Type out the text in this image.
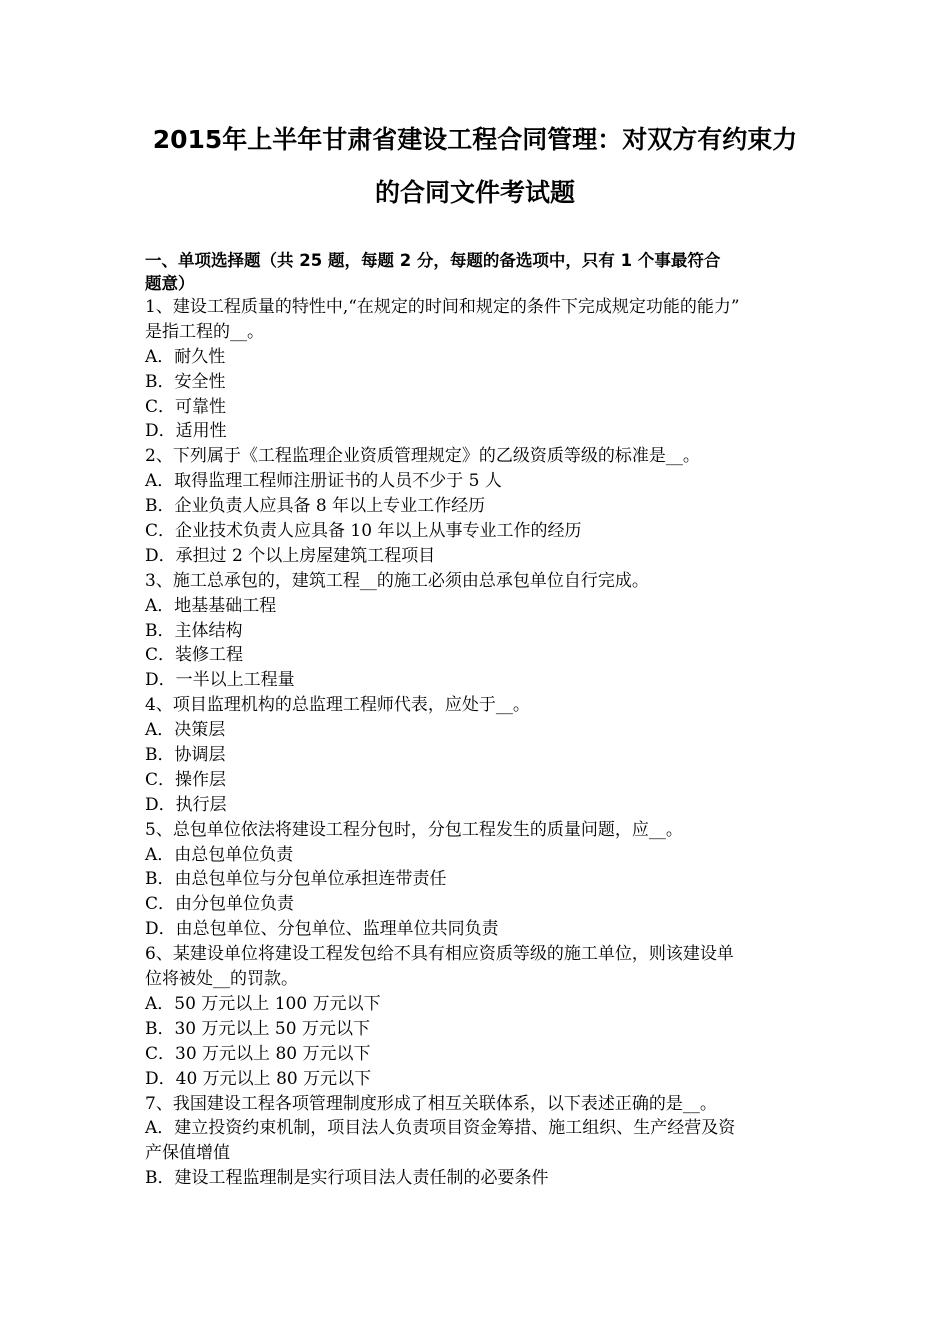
2015年上半年甘肃省建设工程合同管理：对双方有约束力
的合同文件考试题
一、单项选择题（共 25 题，每题 2 分，每题的备选项中，只有 1 个事最符合
题意）
1、建设工程质量的特性中,“在规定的时间和规定的条件下完成规定功能的能力”
是指工程的__。
A．耐久性
B．安全性
C．可靠性
D．适用性
2、下列属于《工程监理企业资质管理规定》的乙级资质等级的标准是__。
A．取得监理工程师注册证书的人员不少于 5 人
B．企业负责人应具备 8 年以上专业工作经历
C．企业技术负责人应具备 10 年以上从事专业工作的经历
D．承担过 2 个以上房屋建筑工程项目
3、施工总承包的，建筑工程__的施工必须由总承包单位自行完成。
A．地基基础工程
B．主体结构
C．装修工程
D．一半以上工程量
4、项目监理机构的总监理工程师代表，应处于__。
A．决策层
B．协调层
C．操作层
D．执行层
5、总包单位依法将建设工程分包时，分包工程发生的质量问题，应__。
A．由总包单位负责
B．由总包单位与分包单位承担连带责任
C．由分包单位负责
D．由总包单位、分包单位、监理单位共同负责
6、某建设单位将建设工程发包给不具有相应资质等级的施工单位，则该建设单
位将被处__的罚款。
A．50 万元以上 100 万元以下
B．30 万元以上 50 万元以下
C．30 万元以上 80 万元以下
D．40 万元以上 80 万元以下
7、我国建设工程各项管理制度形成了相互关联体系，以下表述正确的是__。
A．建立投资约束机制，项目法人负责项目资金筹措、施工组织、生产经营及资
产保值增值
B．建设工程监理制是实行项目法人责任制的必要条件
